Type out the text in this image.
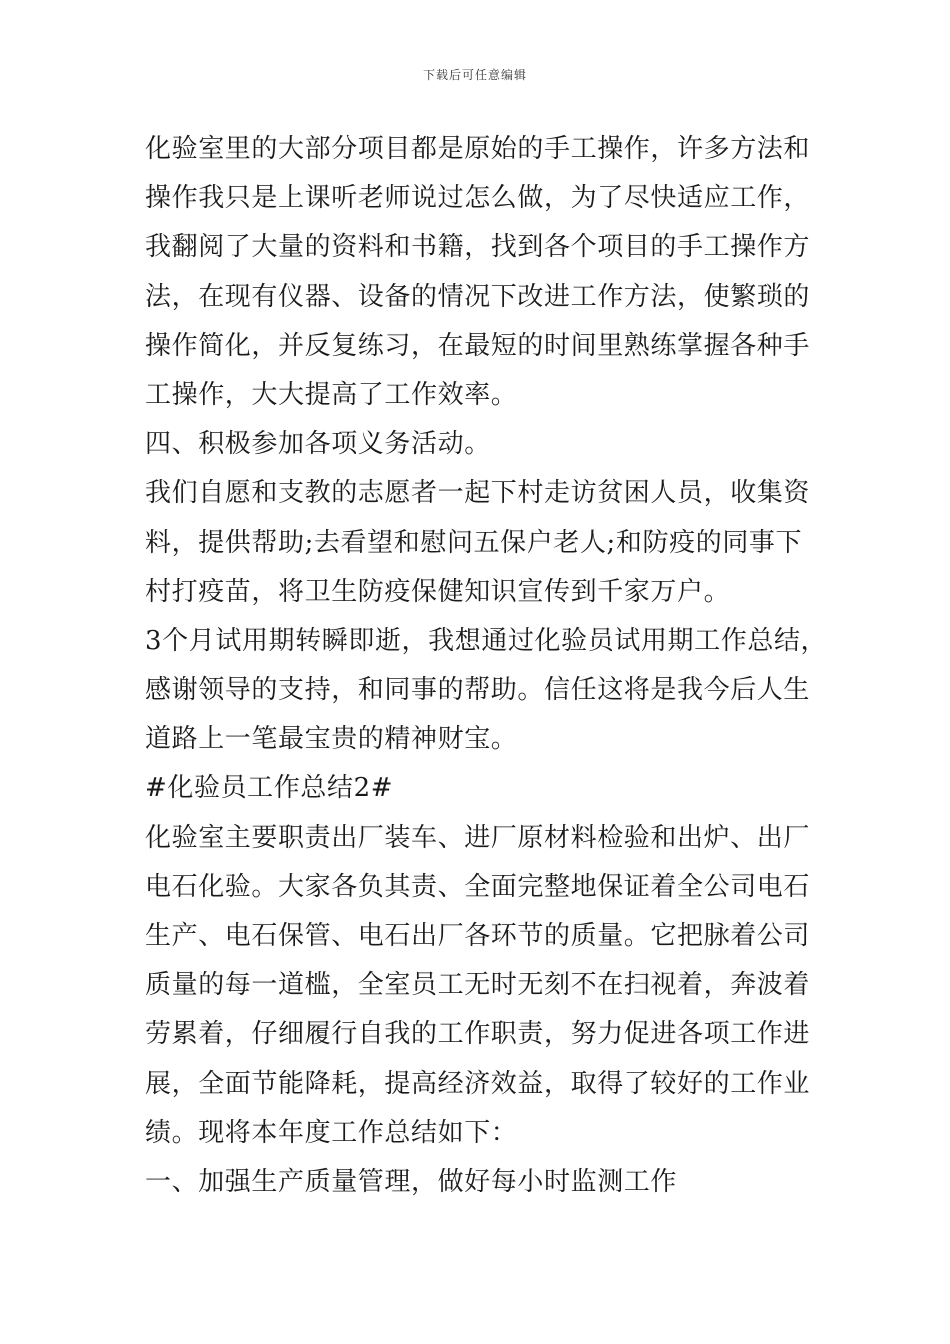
下载后可任意编辑
化验室里的大部分项目都是原始的手工操作，许多方法和
操作我只是上课听老师说过怎么做，为了尽快适应工作，
我翻阅了大量的资料和书籍，找到各个项目的手工操作方
法，在现有仪器、设备的情况下改进工作方法，使繁琐的
操作简化，并反复练习，在最短的时间里熟练掌握各种手
工操作，大大提高了工作效率。
四、积极参加各项义务活动。
我们自愿和支教的志愿者一起下村走访贫困人员，收集资
料，提供帮助;去看望和慰问五保户老人;和防疫的同事下
村打疫苗，将卫生防疫保健知识宣传到千家万户。
3个月试用期转瞬即逝，我想通过化验员试用期工作总结，
感谢领导的支持，和同事的帮助。信任这将是我今后人生
道路上一笔最宝贵的精神财宝。
#化验员工作总结2#
化验室主要职责出厂装车、进厂原材料检验和出炉、出厂
电石化验。大家各负其责、全面完整地保证着全公司电石
生产、电石保管、电石出厂各环节的质量。它把脉着公司
质量的每一道槛，全室员工无时无刻不在扫视着，奔波着
劳累着，仔细履行自我的工作职责，努力促进各项工作进
展，全面节能降耗，提高经济效益，取得了较好的工作业
绩。现将本年度工作总结如下：
一、加强生产质量管理，做好每小时监测工作
